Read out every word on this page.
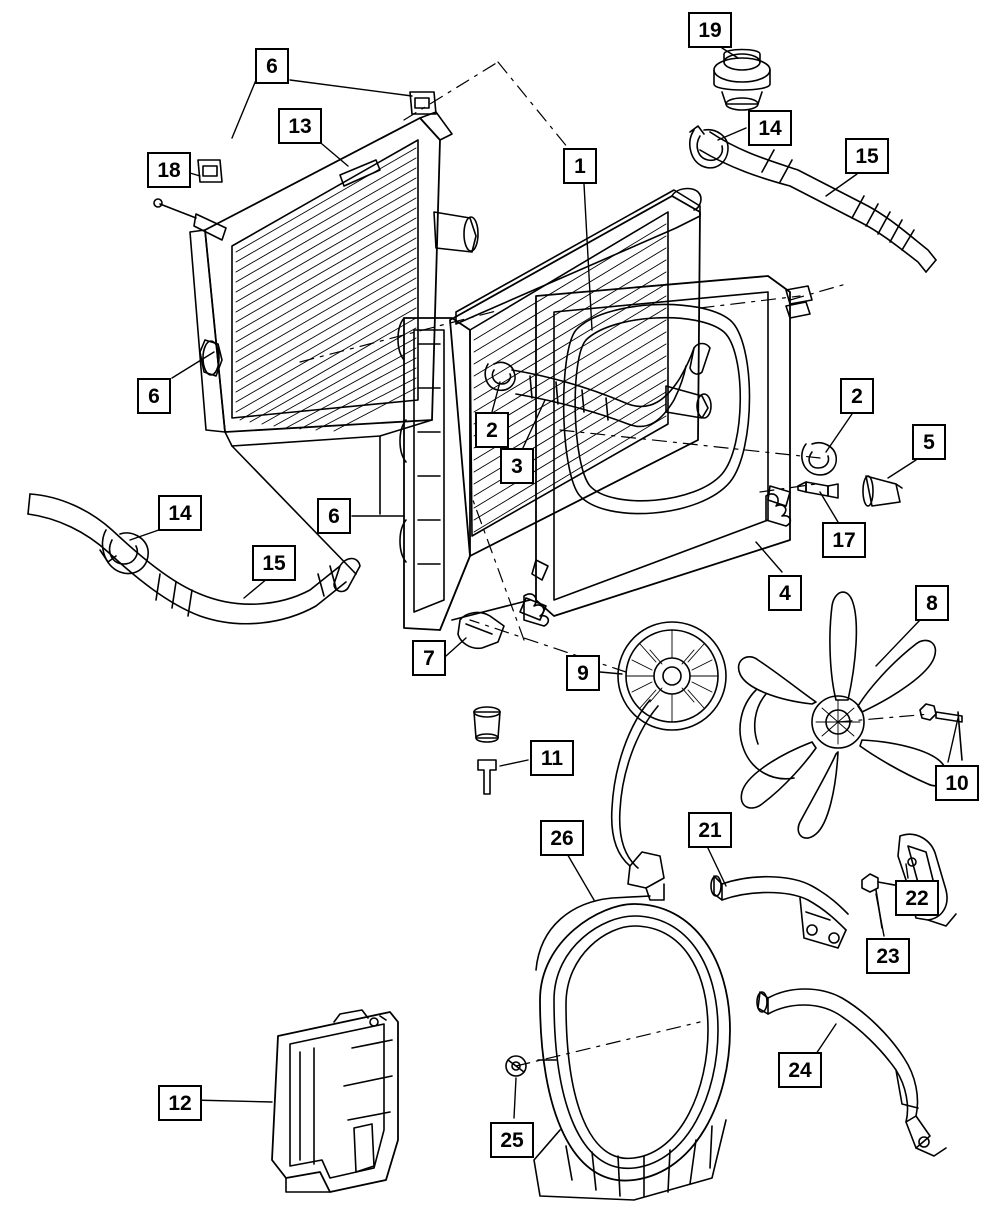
6
13
18
19
14
15
1
6
2
3
2
5
17
4
14
15
6
7
9
8
10
11
26	21
22
23
24
25
12
